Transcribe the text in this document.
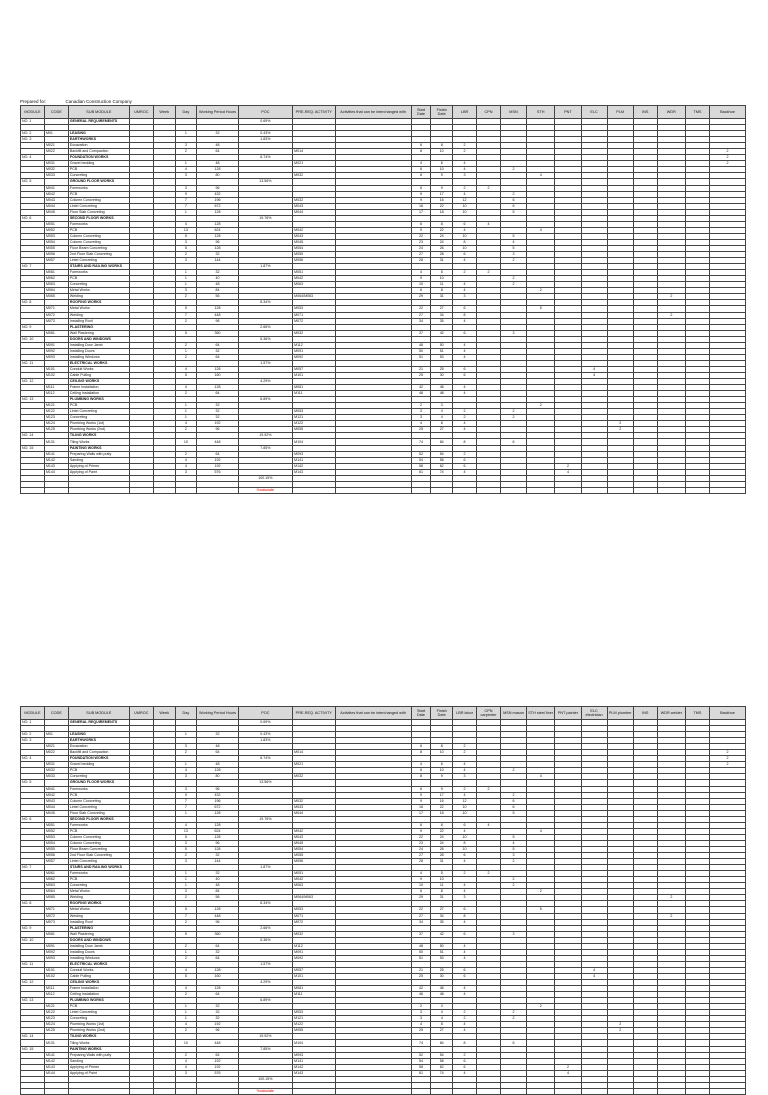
Prepared for:	Canadian Construction Company
MODULE	CODE	SUB MODULE	UMROC	Week	Day	Working Period Hours	POC	PRE-REQ. ACTIVITY	Activities that can be interchanged with	Start Date	Finish Date	LBR	CPN	MSN	STH	PNT	ELC	PLM	INS	WDR	TMS	Backhoe
NO. 1		GENERAL REQUIREMENTS					0.69%															

NO. 2	M01	LEASING			1	32	0.43%															
NO. 3		EARTHWORKS					1.83%															
	M021	Excavation			3	48				6	8	2										
	M022	Backfill and Compaction			2	64		M014		8	10	2										2
NO. 4		FOUNDATION WORKS					6.74%															2
	M031	Gravel bedding			1	48		M021		4	6	4										2
	M032	PCB			4	128				6	10	4		2								
	M033	Concreting			3	80		M032		8	9	3			4							
NO. 5		GROUND FLOOR WORKS					13.56%															
	M041	Formworks			3	96				6	9	2	2									
	M042	PCB			9	432				9	17	4		2								
	M043	Column Concreting			7	196		M032		9	16	12		6								
	M044	Lintel Concreting			7	672		M043		16	22	10		6								
	M045	Floor Slab Concreting			1	128		M044		17	18	10		5								
NO. 6		SECOND FLOOR WORKS					19.76%															
	M051	Formworks			4	128				6	8	6	4									
	M052	PCB			13	624		M042		9	22	4			4							
	M053	Column Concreting			5	128		M043		22	24	10		5								
	M054	Column Concreting			3	96		M045		23	24	8		4								
	M055	Floor Beam Concreting			5	128		M054		24	26	10		5								
	M056	2nd Floor Slab Concreting			2	32		M055		27	28	6		3								
	M057	Lintel Concreting			3	144		M056		28	31	4		2								
NO. 7		STAIRS AND RAILING WORKS					1.87%															
	M061	Formworks			1	32		M051		4	5	2	2									
	M062	PCB			1	40		M042		9	10			2								
	M063	Concreting			1	48		M063		10	11	4		2								
	M064	Metal Works			3	84				6	8	4			2							
	M065	Welding			2	56		M064/M063		29	31	3								2		
NO. 8		ROOFING WORKS					8.34%															
	M071	Metal Works			5	128		M053		22	27	6			5							
	M072	Welding			7	448		M071		27	34	8								2		
	M073	Installing Roof			2	96		M072		34	35	4										
NO. 9		PLASTERING					2.66%															
	M081	Wall Plastering			5	360		M032		37	42	6		3								
NO. 10		DOORS AND WINDOWS					5.36%															
	M091	Installing Door Jamb			2	64		M112		48	50	4										
	M092	Installing Doors			1	32		M091		50	51	4										
	M093	Installing Windows			2	64		M092		51	53	4										
NO. 11		ELECTRICAL WORKS					1.57%															
	M101	Conduit Works			4	128		M057		21	25	6					4					
	M102	Cable Pulling			5	160		M101		25	30	6					4					
NO. 12		CEILING WORKS					4.29%															
	M111	Frame Installation			4	128		M081		42	46	4										
	M112	Ceiling Installation			2	64		M111		46	48	4										
NO. 13		PLUMBING WORKS					6.89%															
	M121	PCB			1	32				2	3				2							
	M122	Lintel Concreting			1	32		M053		3	4	2		2								
	M123	Concreting			1	32		M121		3	4	2		2								
	M124	Plumbing Works (1st)			4	192		M122		4	8	4						2				
	M125	Plumbing Works (2nd)			2	96		M055		25	27	4						2				
NO. 14		TILING WORKS					19.92%															
	M131	Tiling Works			10	448		M104		74	84	8		6								
NO. 15		PAINTING WORKS					7.85%															
	M141	Preparing Walls with putty			2	64		M093		52	54	2										
	M142	Sanding			4	192		M141		54	58	6										
	M143	Applying of Primer			4	192		M142		58	62	6				2						
	M144	Applying of Paint			3	576		M143		61	74	4				4						
							100.15%															

							%calculate															
MODULE	CODE	SUB MODULE	UMROC	Week	Day	Working Period Hours	POC	PRE-REQ. ACTIVITY	Activities that can be interchanged with	Start Date	Finish Date	LBR labor	CPN carpenter	MSN mason	STH steel fixer	PNT painter	ELC electrician	PLM plumber	INS	WDR welder	TMS	Backhoe
NO. 1		GENERAL REQUIREMENTS					0.69%															

NO. 2	M01	LEASING			1	32	0.43%															
NO. 3		EARTHWORKS					1.83%															
	M021	Excavation			3	48				6	8	2										
	M022	Backfill and Compaction			2	64		M014		8	10	2										2
NO. 4		FOUNDATION WORKS					6.74%															2
	M031	Gravel bedding			1	48		M021		4	6	4										2
	M032	PCB			4	128				6	10	4		2								
	M033	Concreting			3	80		M032		8	9	3			4							
NO. 5		GROUND FLOOR WORKS					13.56%															
	M041	Formworks			3	96				6	9	2	2									
	M042	PCB			9	432				9	17	4		2								
	M043	Column Concreting			7	196		M032		9	16	12		6								
	M044	Lintel Concreting			7	672		M043		16	22	10		6								
	M045	Floor Slab Concreting			1	128		M044		17	18	10		5								
NO. 6		SECOND FLOOR WORKS					19.76%															
	M051	Formworks			4	128				6	8	6	4									
	M052	PCB			13	624		M042		9	22	4			4							
	M053	Column Concreting			5	128		M043		22	24	10		5								
	M054	Column Concreting			3	96		M045		23	24	8		4								
	M055	Floor Beam Concreting			5	128		M054		24	26	10		5								
	M056	2nd Floor Slab Concreting			2	32		M055		27	28	6		3								
	M057	Lintel Concreting			3	144		M056		28	31	4		2								
NO. 7		STAIRS AND RAILING WORKS					1.87%															
	M061	Formworks			1	32		M051		4	5	2	2									
	M062	PCB			1	40		M042		9	10			2								
	M063	Concreting			1	48		M063		10	11	4		2								
	M064	Metal Works			3	84				6	8	4			2							
	M065	Welding			2	56		M064/M063		29	31	3								2		
NO. 8		ROOFING WORKS					8.34%															
	M071	Metal Works			5	128		M053		22	27	6			5							
	M072	Welding			7	448		M071		27	34	8								2		
	M073	Installing Roof			2	96		M072		34	35	4										
NO. 9		PLASTERING					2.66%															
	M081	Wall Plastering			5	360		M032		37	42	6		3								
NO. 10		DOORS AND WINDOWS					5.36%															
	M091	Installing Door Jamb			2	64		M112		48	50	4										
	M092	Installing Doors			1	32		M091		50	51	4										
	M093	Installing Windows			2	64		M092		51	53	4										
NO. 11		ELECTRICAL WORKS					1.57%															
	M101	Conduit Works			4	128		M057		21	25	6					4					
	M102	Cable Pulling			5	160		M101		25	30	6					4					
NO. 12		CEILING WORKS					4.29%															
	M111	Frame Installation			4	128		M081		42	46	4										
	M112	Ceiling Installation			2	64		M111		46	48	4										
NO. 13		PLUMBING WORKS					6.89%															
	M121	PCB			1	32				2	3				2							
	M122	Lintel Concreting			1	32		M053		3	4	2		2								
	M123	Concreting			1	32		M121		3	4	2		2								
	M124	Plumbing Works (1st)			4	192		M122		4	8	4						2				
	M125	Plumbing Works (2nd)			2	96		M055		25	27	4						2				
NO. 14		TILING WORKS					19.92%															
	M131	Tiling Works			10	448		M104		74	84	8		6								
NO. 15		PAINTING WORKS					7.85%															
	M141	Preparing Walls with putty			2	64		M093		52	54	2										
	M142	Sanding			4	192		M141		54	58	6										
	M143	Applying of Primer			4	192		M142		58	62	6				2						
	M144	Applying of Paint			3	576		M143		61	74	4				4						
							100.15%															

							%calculate															
